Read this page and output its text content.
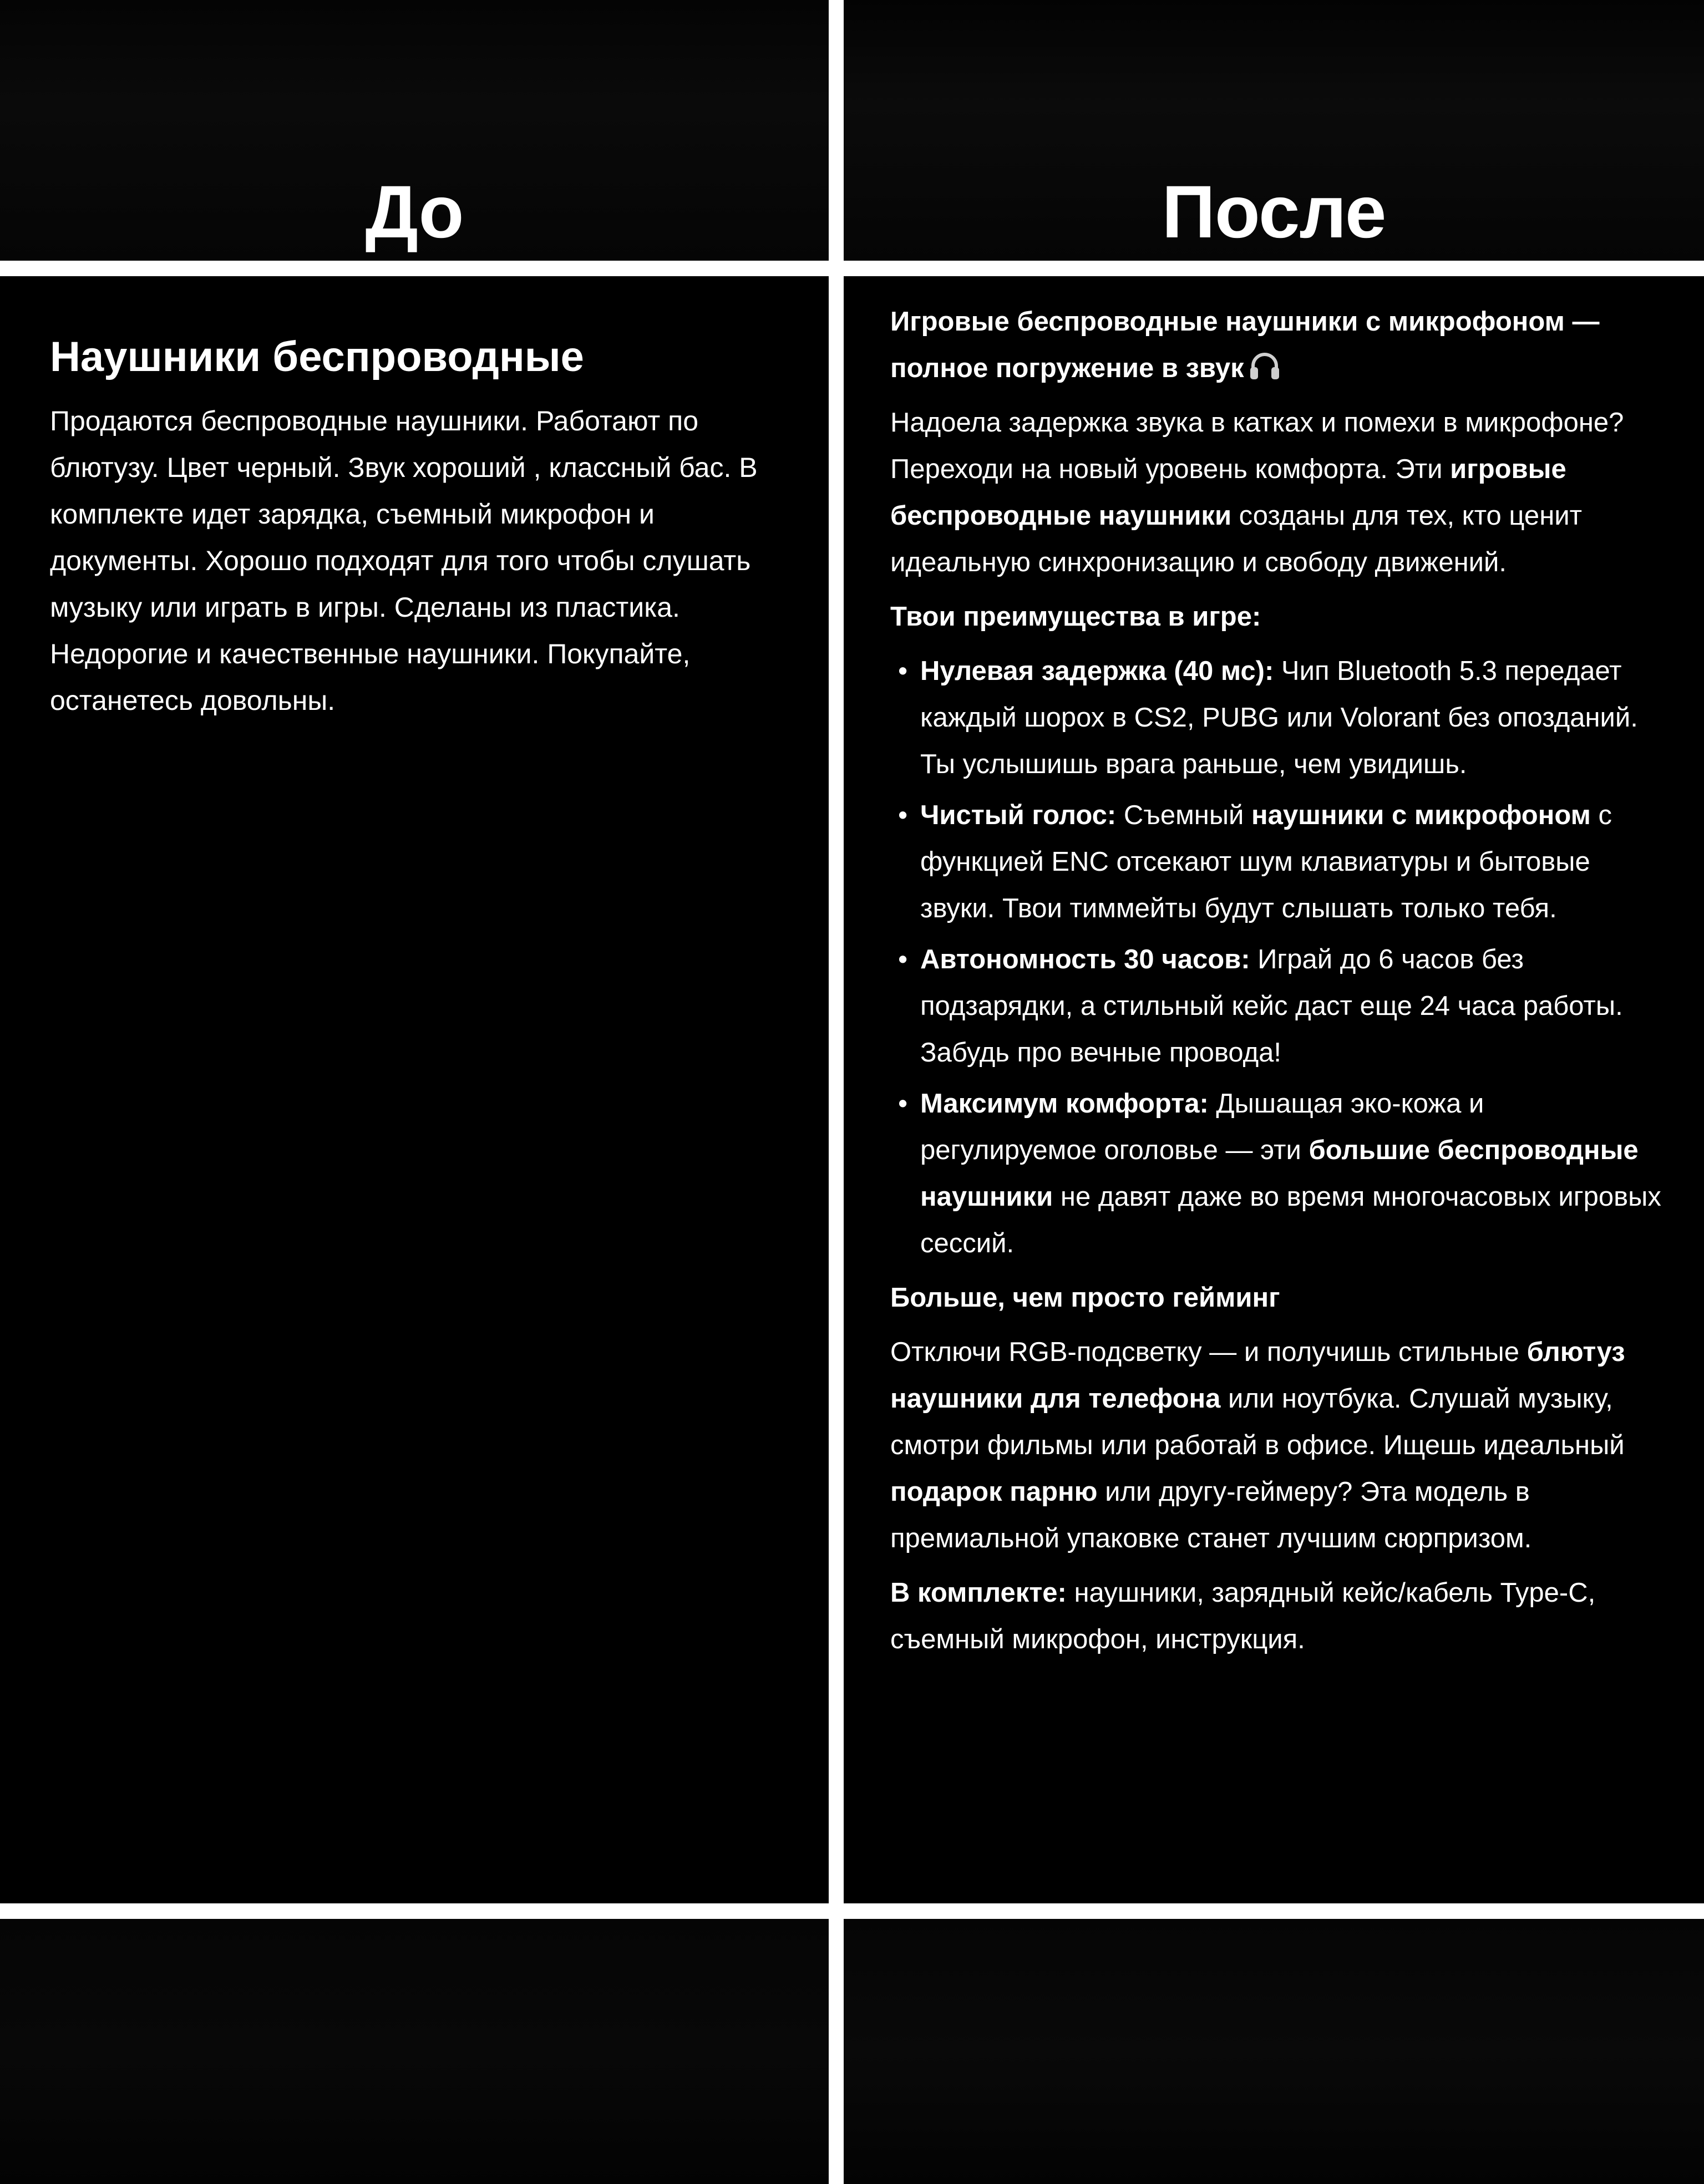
До	После
Наушники беспроводные

Продаются беспроводные наушники. Работают по блютузу. Цвет черный. Звук хороший , классный бас. В комплекте идет зарядка, съемный микрофон и документы. Хорошо подходят для того чтобы слушать музыку или играть в игры. Сделаны из пластика. Недорогие и качественные наушники. Покупайте, останетесь довольны.

Игровые беспроводные наушники с микрофоном — полное погружение в звук

Надоела задержка звука в катках и помехи в микрофоне? Переходи на новый уровень комфорта. Эти игровые беспроводные наушники созданы для тех, кто ценит идеальную синхронизацию и свободу движений.

Твои преимущества в игре:

• Нулевая задержка (40 мс): Чип Bluetooth 5.3 передает каждый шорох в CS2, PUBG или Volorant без опозданий. Ты услышишь врага раньше, чем увидишь.
• Чистый голос: Съемный наушники с микрофоном с функцией ENC отсекают шум клавиатуры и бытовые звуки. Твои тиммейты будут слышать только тебя.
• Автономность 30 часов: Играй до 6 часов без подзарядки, а стильный кейс даст еще 24 часа работы. Забудь про вечные провода!
• Максимум комфорта: Дышащая эко-кожа и регулируемое оголовье — эти большие беспроводные наушники не давят даже во время многочасовых игровых сессий.

Больше, чем просто гейминг

Отключи RGB-подсветку — и получишь стильные блютуз наушники для телефона или ноутбука. Слушай музыку, смотри фильмы или работай в офисе. Ищешь идеальный подарок парню или другу-геймеру? Эта модель в премиальной упаковке станет лучшим сюрпризом.

В комплекте: наушники, зарядный кейс/кабель Type-C, съемный микрофон, инструкция.
